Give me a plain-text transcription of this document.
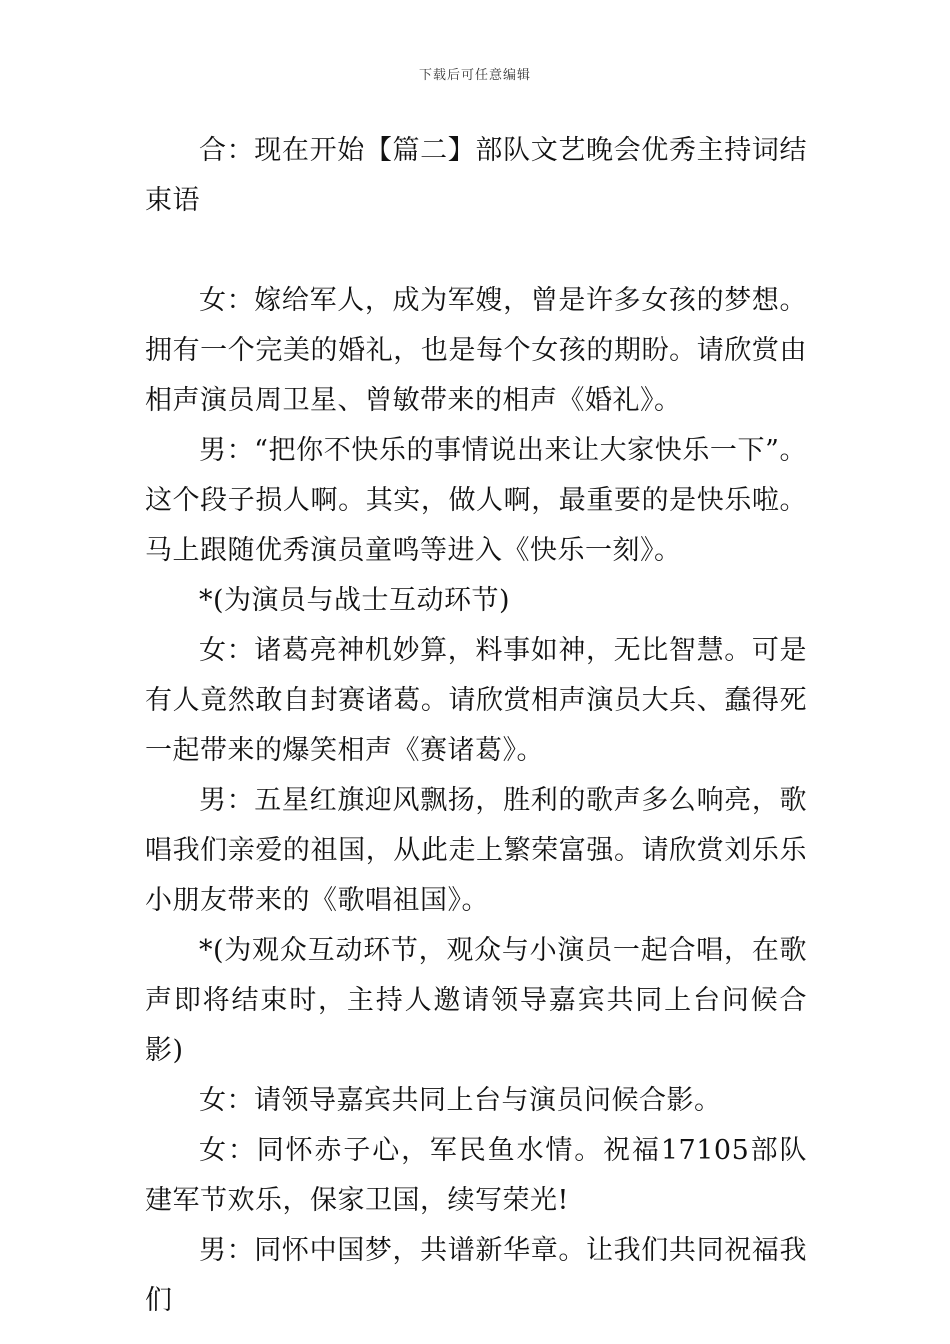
下载后可任意编辑

合：现在开始【篇二】部队文艺晚会优秀主持词结束语

女：嫁给军人，成为军嫂，曾是许多女孩的梦想。拥有一个完美的婚礼，也是每个女孩的期盼。请欣赏由相声演员周卫星、曾敏带来的相声《婚礼》。

男：“把你不快乐的事情说出来让大家快乐一下”。这个段子损人啊。其实，做人啊，最重要的是快乐啦。马上跟随优秀演员童鸣等进入《快乐一刻》。

*(为演员与战士互动环节)

女：诸葛亮神机妙算，料事如神，无比智慧。可是有人竟然敢自封赛诸葛。请欣赏相声演员大兵、蠢得死一起带来的爆笑相声《赛诸葛》。

男：五星红旗迎风飘扬，胜利的歌声多么响亮，歌唱我们亲爱的祖国，从此走上繁荣富强。请欣赏刘乐乐小朋友带来的《歌唱祖国》。

*(为观众互动环节，观众与小演员一起合唱，在歌声即将结束时，主持人邀请领导嘉宾共同上台问候合影)

女：请领导嘉宾共同上台与演员问候合影。

女：同怀赤子心，军民鱼水情。祝福17105部队建军节欢乐，保家卫国，续写荣光!

男：同怀中国梦，共谱新华章。让我们共同祝福我们
